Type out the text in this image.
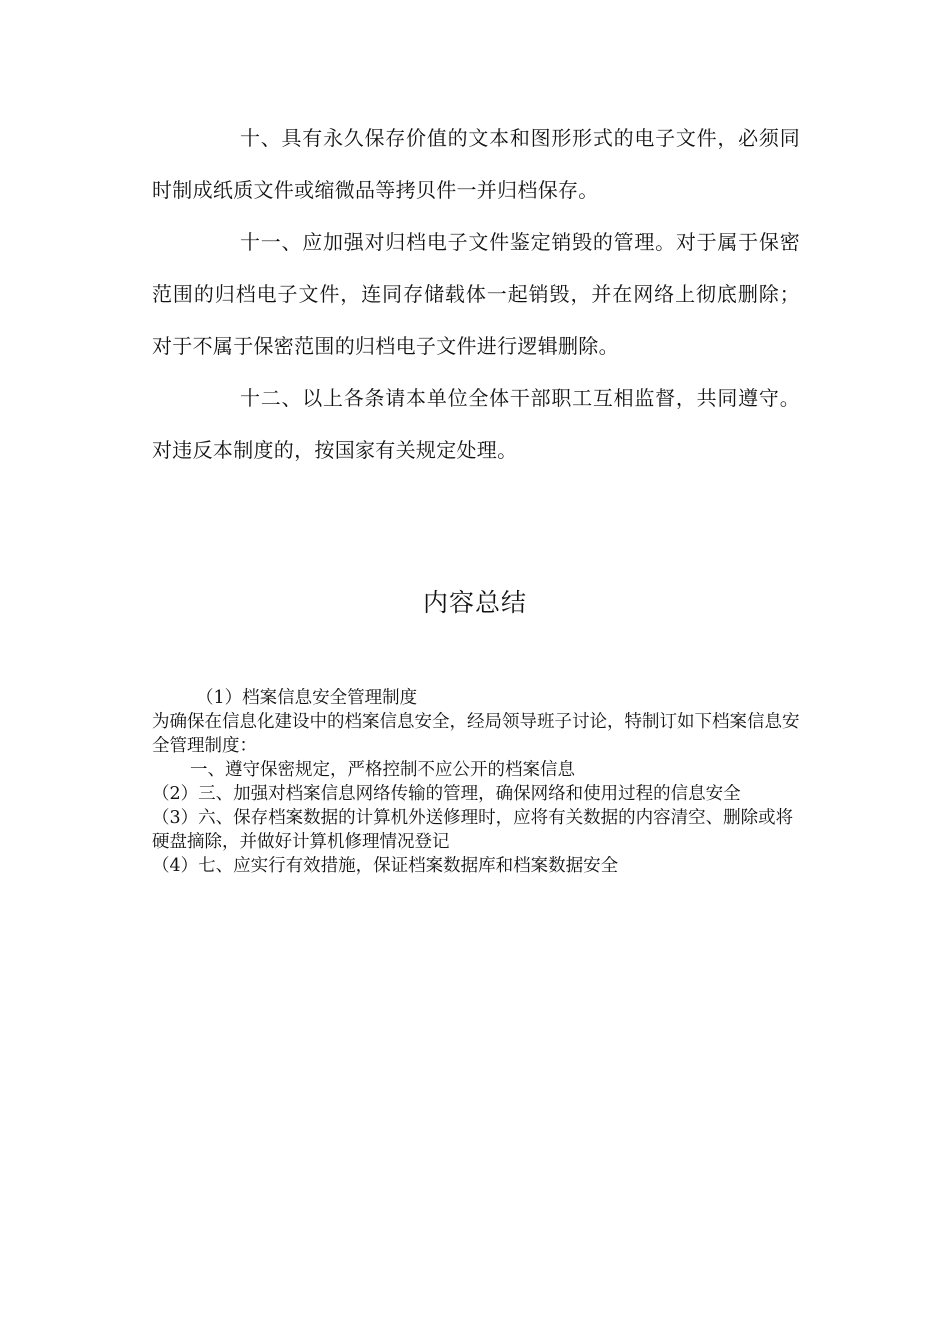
十、具有永久保存价值的文本和图形形式的电子文件，必须同时制成纸质文件或缩微品等拷贝件一并归档保存。

十一、应加强对归档电子文件鉴定销毁的管理。对于属于保密范围的归档电子文件，连同存储载体一起销毁，并在网络上彻底删除；对于不属于保密范围的归档电子文件进行逻辑删除。

十二、以上各条请本单位全体干部职工互相监督，共同遵守。对违反本制度的，按国家有关规定处理。

内容总结

（1）档案信息安全管理制度

为确保在信息化建设中的档案信息安全，经局领导班子讨论，特制订如下档案信息安全管理制度：

一、遵守保密规定，严格控制不应公开的档案信息

（2）三、加强对档案信息网络传输的管理，确保网络和使用过程的信息安全

（3）六、保存档案数据的计算机外送修理时，应将有关数据的内容清空、删除或将硬盘摘除，并做好计算机修理情况登记

（4）七、应实行有效措施，保证档案数据库和档案数据安全
